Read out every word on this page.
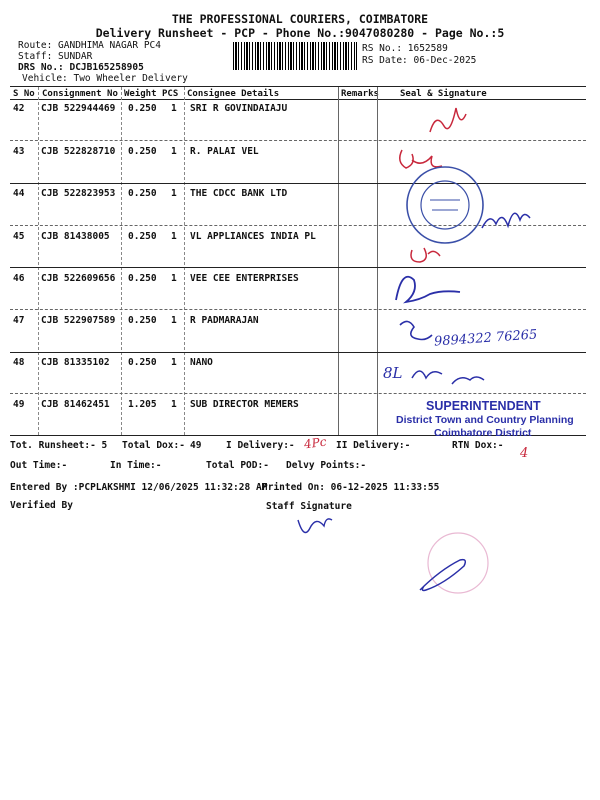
THE PROFESSIONAL COURIERS, COIMBATORE
Delivery Runsheet - PCP - Phone No.:9047080280 - Page No.:5
Route: GANDHIMA NAGAR PC4
Staff: SUNDAR
DRS No.: DCJB165258905
Vehicle: Two Wheeler Delivery
RS No.: 1652589
RS Date: 06-Dec-2025
S No Consignment No Weight PCS Consignee Details	Remarks Seal & Signature
42 CJB 522944469 0.250 1 SRI R GOVINDAIAJU
43 CJB 522828710 0.250 1 R. PALAI VEL
44 CJB 522823953 0.250 1 THE CDCC BANK LTD
45 CJB 81438005 0.250 1 VL APPLIANCES INDIA PL
46 CJB 522609656 0.250 1 VEE CEE ENTERPRISES
47 CJB 522907589 0.250 1 R PADMARAJAN
48 CJB 81335102 0.250 1 NANO
49 CJB 81462451 1.205 1 SUB DIRECTOR MEMERS	SUPERINTENDENT
District Town and Country Planning
Coimbatore District
Tot. Runsheet:- 5 Total Dox:- 49	I Delivery:-	II Delivery:-	RTN Dox:-
Out Time:-	In Time:-	Total POD:- Delvy Points:-
Entered By :PCPLAKSHMI 12/06/2025 11:32:28 AM
Printed On: 06-12-2025 11:33:55
Verified By	Staff Signature
9894322 76265
8L
4Pc
4
